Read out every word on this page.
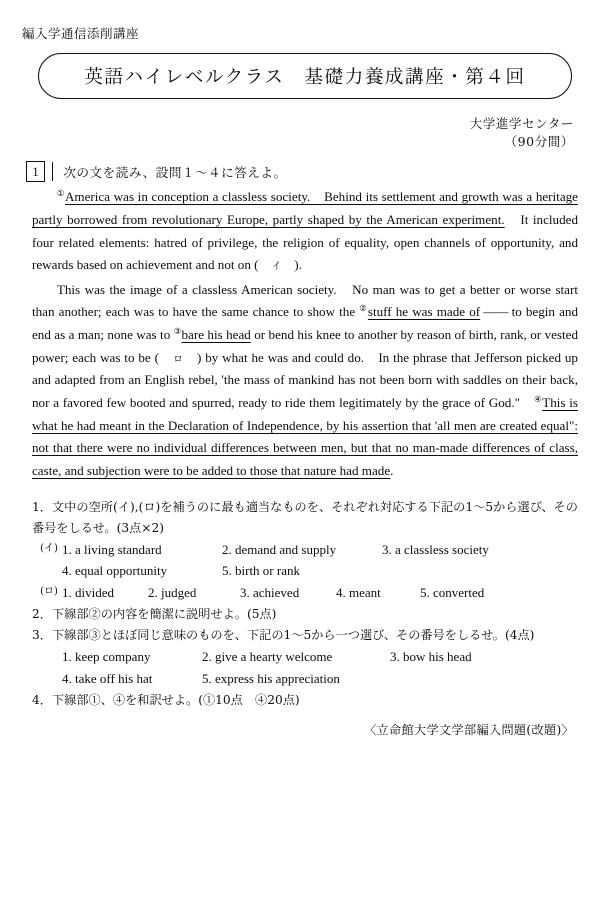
編入学通信添削講座
英語ハイレベルクラス　基礎力養成講座・第４回
大学進学センター
（90分間）
1	次の文を読み、設問１〜４に答えよ。

①America was in conception a classless society.　Behind its settlement and growth was a heritage partly borrowed from revolutionary Europe, partly shaped by the American experiment.　It included four related elements: hatred of privilege, the religion of equality, open channels of opportunity, and rewards based on achievement and not on (　 イ　 ).

This was the image of a classless American society.　No man was to get a better or worse start than another; each was to have the same chance to show the ②stuff he was made of —— to begin and end as a man; none was to ③bare his head or bend his knee to another by reason of birth, rank, or vested power; each was to be (　 ロ　 ) by what he was and could do.　In the phrase that Jefferson picked up and adapted from an English rebel, 'the mass of mankind has not been born with saddles on their back, nor a favored few booted and spurred, ready to ride them legitimately by the grace of God."　④This is what he had meant in the Declaration of Independence, by his assertion that 'all men are created equal": not that there were no individual differences between men, but that no man-made differences of class, caste, and subjection were to be added to those that nature had made.

1．文中の空所(イ),(ロ)を補うのに最も適当なものを、それぞれ対応する下記の1〜5から選び、その番号をしるせ。(3点×2)
(イ) 1. a living standard	2. demand and supply	3. a classless society
4. equal opportunity	5. birth or rank
(ロ) 1. divided	2. judged	3. achieved	4. meant	5. converted
2．下線部②の内容を簡潔に説明せよ。(5点)
3．下線部③とほぼ同じ意味のものを、下記の1〜5から一つ選び、その番号をしるせ。(4点)
1. keep company	2. give a hearty welcome	3. bow his head
4. take off his hat	5. express his appreciation
4．下線部①、④を和訳せよ。(①10点　④20点)
〈立命館大学文学部編入問題(改題)〉
